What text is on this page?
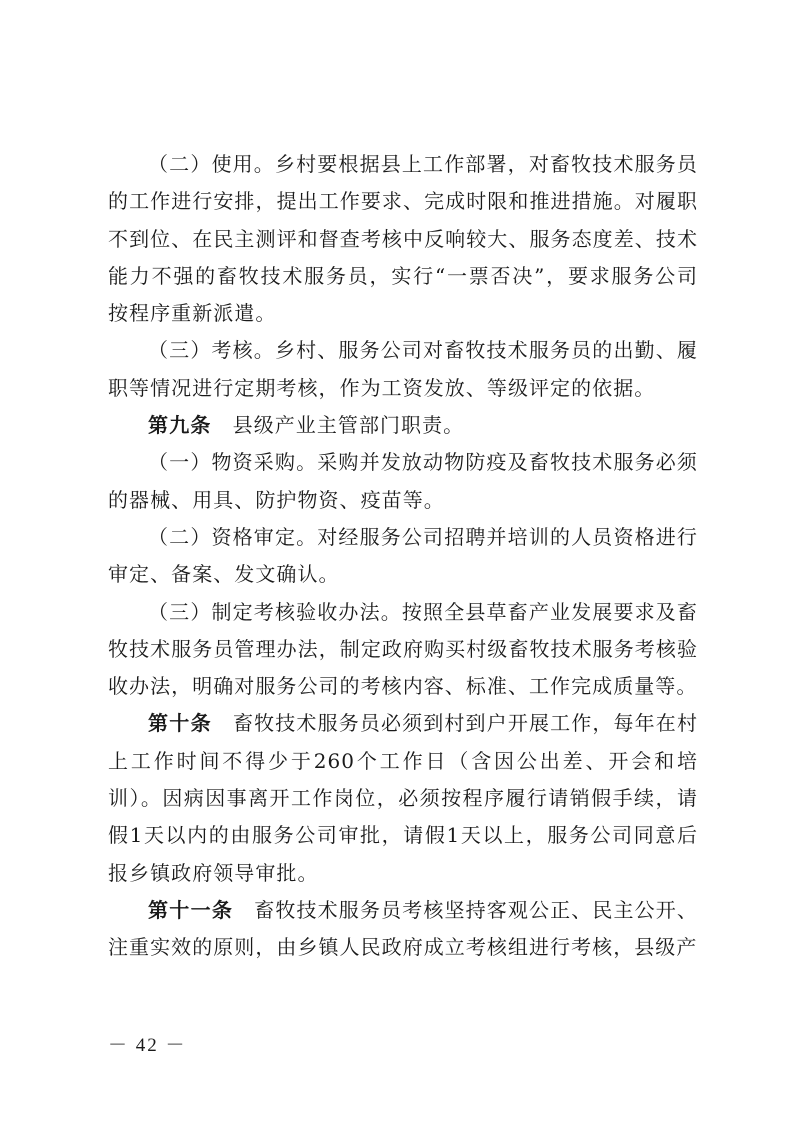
（二）使用。乡村要根据县上工作部署，对畜牧技术服务员的工作进行安排，提出工作要求、完成时限和推进措施。对履职不到位、在民主测评和督查考核中反响较大、服务态度差、技术能力不强的畜牧技术服务员，实行“一票否决”，要求服务公司按程序重新派遣。

（三）考核。乡村、服务公司对畜牧技术服务员的出勤、履职等情况进行定期考核，作为工资发放、等级评定的依据。

第九条　县级产业主管部门职责。

（一）物资采购。采购并发放动物防疫及畜牧技术服务必须的器械、用具、防护物资、疫苗等。

（二）资格审定。对经服务公司招聘并培训的人员资格进行审定、备案、发文确认。

（三）制定考核验收办法。按照全县草畜产业发展要求及畜牧技术服务员管理办法，制定政府购买村级畜牧技术服务考核验收办法，明确对服务公司的考核内容、标准、工作完成质量等。

第十条　畜牧技术服务员必须到村到户开展工作，每年在村上工作时间不得少于260个工作日（含因公出差、开会和培训）。因病因事离开工作岗位，必须按程序履行请销假手续，请假1天以内的由服务公司审批，请假1天以上，服务公司同意后报乡镇政府领导审批。

第十一条　畜牧技术服务员考核坚持客观公正、民主公开、注重实效的原则，由乡镇人民政府成立考核组进行考核，县级产

－ 42 －
